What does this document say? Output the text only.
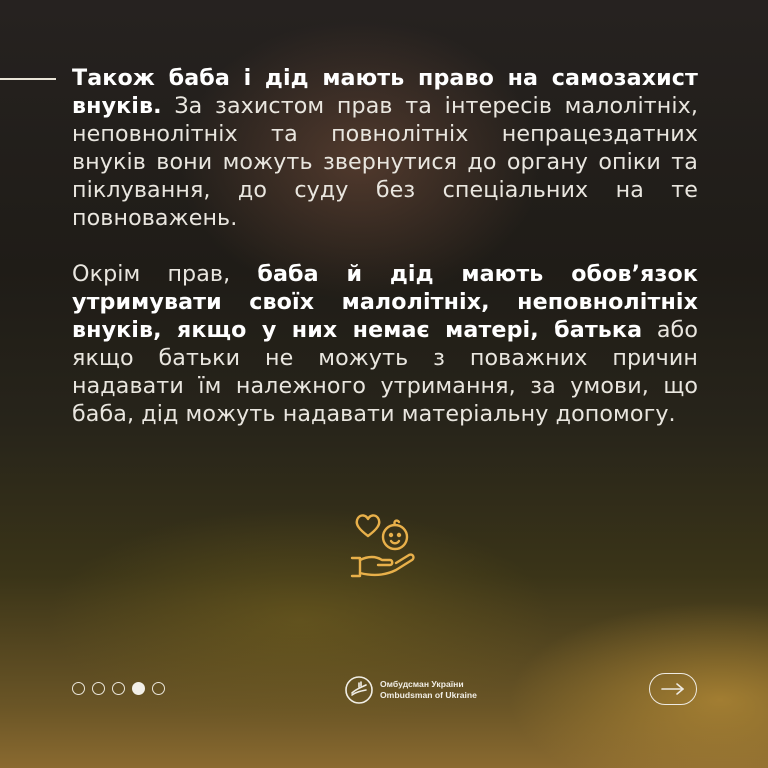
Також баба і дід мають право на самозахист внуків. За захистом прав та інтересів малолітніх, неповнолітніх та повнолітніх непрацездатних внуків вони можуть звернутися до органу опіки та піклування, до суду без спеціальних на те повноважень.

Окрім прав, баба й дід мають обов’язок утримувати своїх малолітніх, неповнолітніх внуків, якщо у них немає матері, батька або якщо батьки не можуть з поважних причин надавати їм належного утримання, за умови, що баба, дід можуть надавати матеріальну допомогу.

Омбудсман України
Ombudsman of Ukraine
